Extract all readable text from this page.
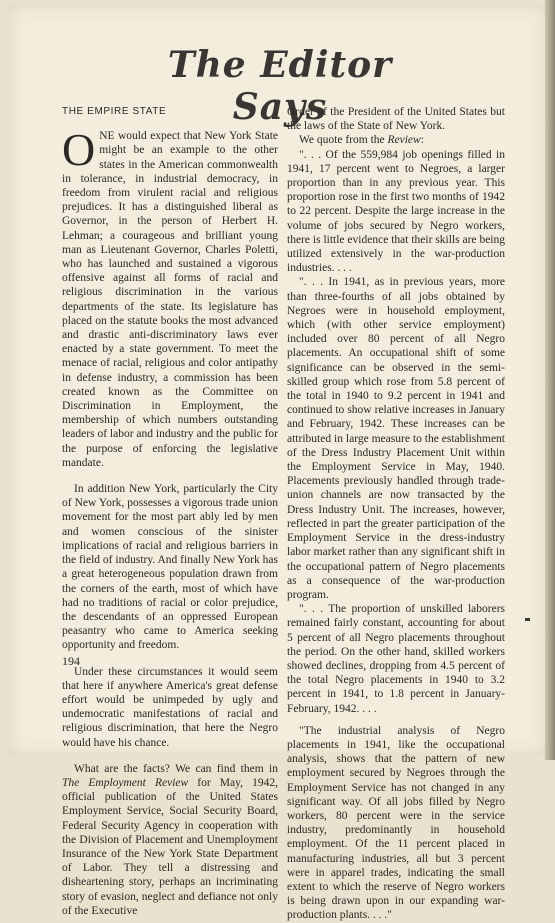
The Editor Says
THE EMPIRE STATE

ONE would expect that New York State might be an example to the other states in the American commonwealth in tolerance, in industrial democracy, in freedom from virulent racial and religious prejudices. It has a distinguished liberal as Governor, in the person of Herbert H. Lehman; a courageous and brilliant young man as Lieutenant Governor, Charles Poletti, who has launched and sustained a vigorous offensive against all forms of racial and religious discrimination in the various departments of the state. Its legislature has placed on the statute books the most advanced and drastic anti-discriminatory laws ever enacted by a state government. To meet the menace of racial, religious and color antipathy in defense industry, a commission has been created known as the Committee on Discrimination in Employment, the membership of which numbers outstanding leaders of labor and industry and the public for the purpose of enforcing the legislative mandate.

In addition New York, particularly the City of New York, possesses a vigorous trade union movement for the most part ably led by men and women conscious of the sinister implications of racial and religious barriers in the field of industry. And finally New York has a great heterogeneous population drawn from the corners of the earth, most of which have had no traditions of racial or color prejudice, the descendants of an oppressed European peasantry who came to America seeking opportunity and freedom.

Under these circumstances it would seem that here if anywhere America's great defense effort would be unimpeded by ugly and undemocratic manifestations of racial and religious discrimination, that here the Negro would have his chance.

What are the facts? We can find them in The Employment Review for May, 1942, official publication of the United States Employment Service, Social Security Board, Federal Security Agency in cooperation with the Division of Placement and Unemployment Insurance of the New York State Department of Labor. They tell a distressing and disheartening story, perhaps an incriminating story of evasion, neglect and defiance not only of the Executive

Order of the President of the United States but the laws of the State of New York.

We quote from the Review:

". . . Of the 559,984 job openings filled in 1941, 17 percent went to Negroes, a larger proportion than in any previous year. This proportion rose in the first two months of 1942 to 22 percent. Despite the large increase in the volume of jobs secured by Negro workers, there is little evidence that their skills are being utilized extensively in the war-production industries. . . .

". . . In 1941, as in previous years, more than three-fourths of all jobs obtained by Negroes were in household employment, which (with other service employment) included over 80 percent of all Negro placements. An occupational shift of some significance can be observed in the semi-skilled group which rose from 5.8 percent of the total in 1940 to 9.2 percent in 1941 and continued to show relative increases in January and February, 1942. These increases can be attributed in large measure to the establishment of the Dress Industry Placement Unit within the Employment Service in May, 1940. Placements previously handled through trade-union channels are now transacted by the Dress Industry Unit. The increases, however, reflected in part the greater participation of the Employment Service in the dress-industry labor market rather than any significant shift in the occupational pattern of Negro placements as a consequence of the war-production program.

". . . The proportion of unskilled laborers remained fairly constant, accounting for about 5 percent of all Negro placements throughout the period. On the other hand, skilled workers showed declines, dropping from 4.5 percent of the total Negro placements in 1940 to 3.2 percent in 1941, to 1.8 percent in January-February, 1942. . . .

"The industrial analysis of Negro placements in 1941, like the occupational analysis, shows that the pattern of new employment secured by Negroes through the Employment Service has not changed in any significant way. Of all jobs filled by Negro workers, 80 percent were in the service industry, predominantly in household employment. Of the 11 percent placed in manufacturing industries, all but 3 percent were in apparel trades, indicating the small extent to which the reserve of Negro workers is being drawn upon in our expanding war-production plants. . . ."

194
